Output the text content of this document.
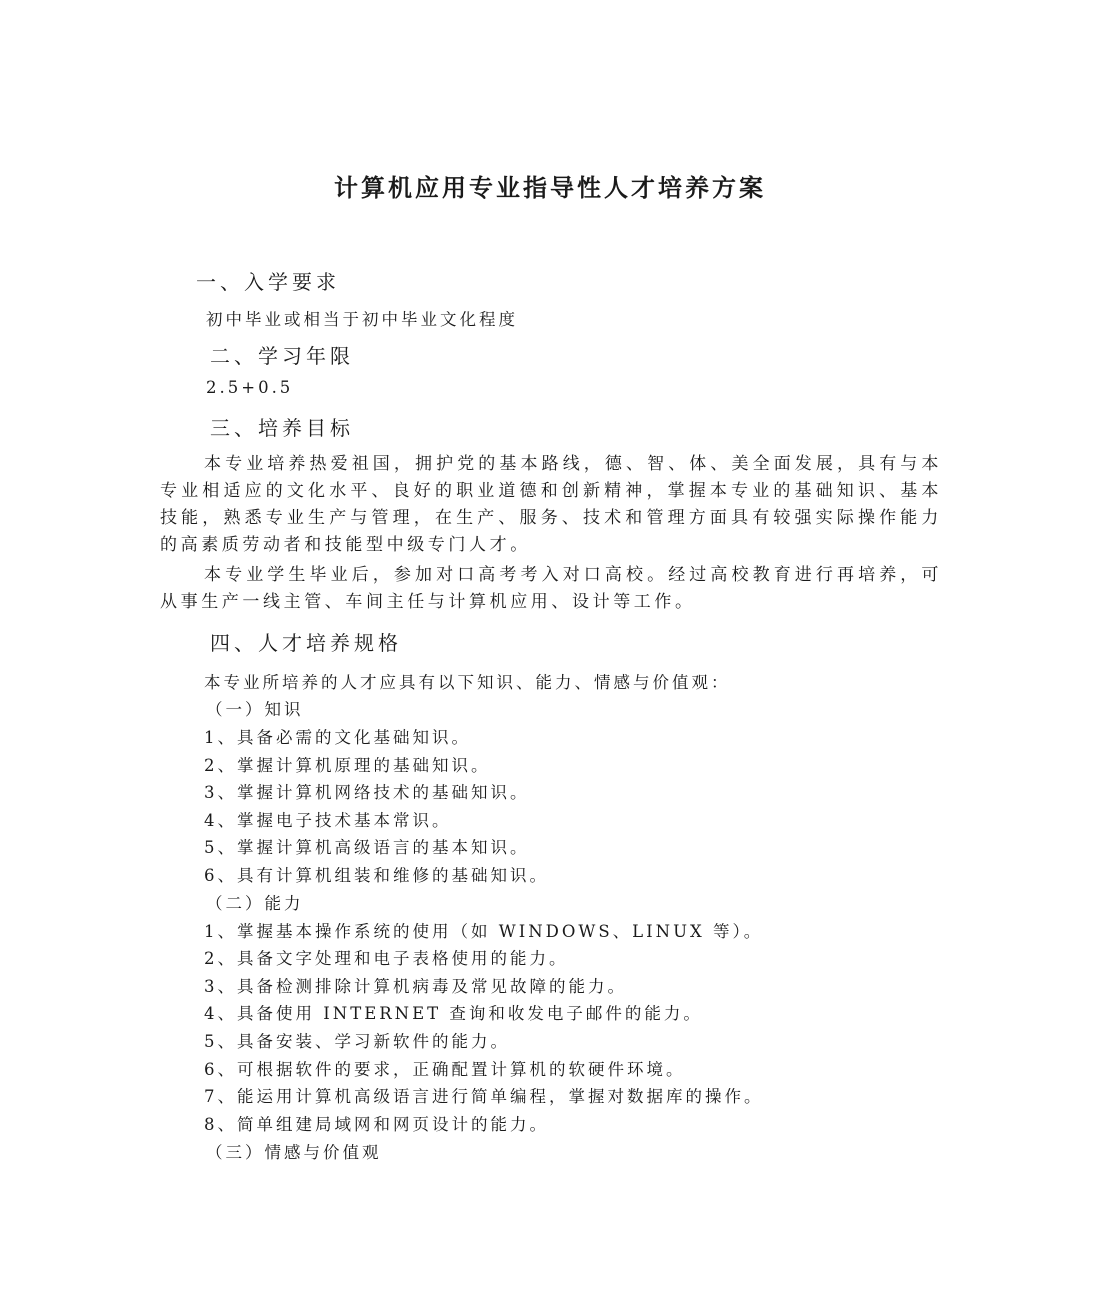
计算机应用专业指导性人才培养方案
一、入学要求

初中毕业或相当于初中毕业文化程度

二、学习年限

2.5+0.5

三、培养目标

本专业培养热爱祖国，拥护党的基本路线，德、智、体、美全面发展，具有与本专业相适应的文化水平、良好的职业道德和创新精神，掌握本专业的基础知识、基本技能，熟悉专业生产与管理，在生产、服务、技术和管理方面具有较强实际操作能力的高素质劳动者和技能型中级专门人才。

本专业学生毕业后，参加对口高考考入对口高校。经过高校教育进行再培养，可从事生产一线主管、车间主任与计算机应用、设计等工作。

四、人才培养规格

本专业所培养的人才应具有以下知识、能力、情感与价值观：

（一）知识

1、具备必需的文化基础知识。

2、掌握计算机原理的基础知识。

3、掌握计算机网络技术的基础知识。

4、掌握电子技术基本常识。

5、掌握计算机高级语言的基本知识。

6、具有计算机组装和维修的基础知识。

（二）能力

1、掌握基本操作系统的使用（如 WINDOWS、LINUX 等）。

2、具备文字处理和电子表格使用的能力。

3、具备检测排除计算机病毒及常见故障的能力。

4、具备使用 INTERNET 查询和收发电子邮件的能力。

5、具备安装、学习新软件的能力。

6、可根据软件的要求，正确配置计算机的软硬件环境。

7、能运用计算机高级语言进行简单编程，掌握对数据库的操作。

8、简单组建局域网和网页设计的能力。

（三）情感与价值观
